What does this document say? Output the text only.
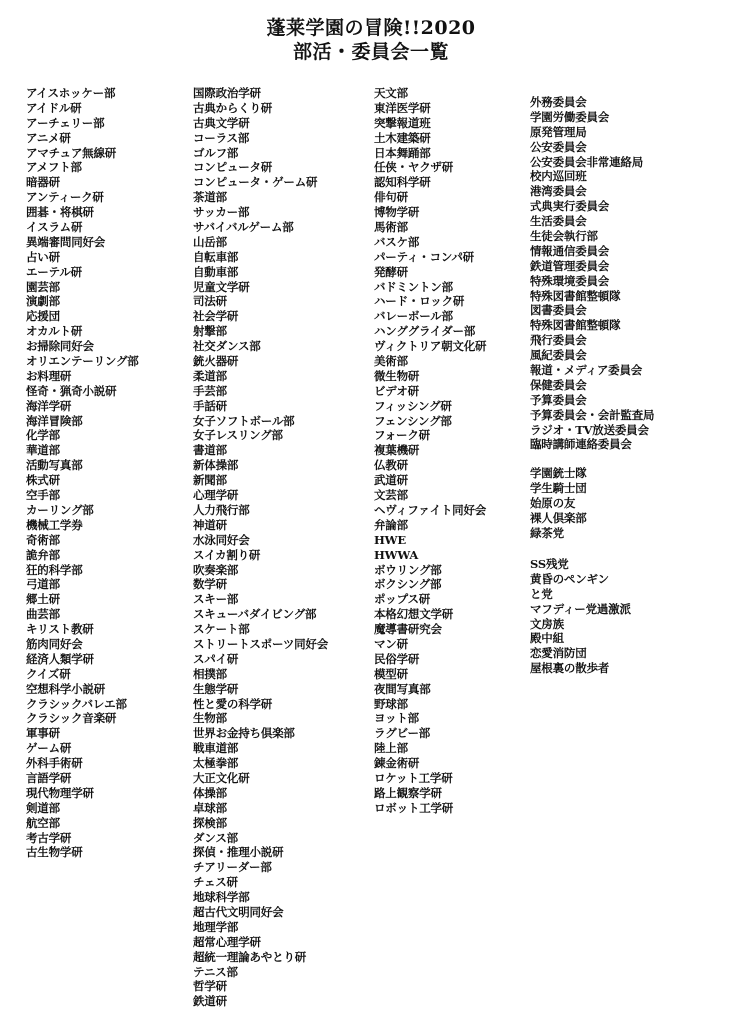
蓬莱学園の冒険!!2020
部活・委員会一覧
アイスホッケー部
アイドル研
アーチェリー部
アニメ研
アマチュア無線研
アメフト部
暗器研
アンティーク研
囲碁・将棋研
イスラム研
異端審問同好会
占い研
エーテル研
園芸部
演劇部
応援団
オカルト研
お掃除同好会
オリエンテーリング部
お料理研
怪奇・猟奇小説研
海洋学研
海洋冒険部
化学部
華道部
活動写真部
株式研
空手部
カーリング部
機械工学券
奇術部
詭弁部
狂的科学部
弓道部
郷土研
曲芸部
キリスト教研
筋肉同好会
経済人類学研
クイズ研
空想科学小説研
クラシックバレエ部
クラシック音楽研
軍事研
ゲーム研
外科手術研
言語学研
現代物理学研
剣道部
航空部
考古学研
古生物学研
国際政治学研
古典からくり研
古典文学研
コーラス部
ゴルフ部
コンピュータ研
コンピュータ・ゲーム研
茶道部
サッカー部
サバイバルゲーム部
山岳部
自転車部
自動車部
児童文学研
司法研
社会学研
射撃部
社交ダンス部
銃火器研
柔道部
手芸部
手話研
女子ソフトボール部
女子レスリング部
書道部
新体操部
新聞部
心理学研
人力飛行部
神道研
水泳同好会
スイカ割り研
吹奏楽部
数学研
スキー部
スキューバダイビング部
スケート部
ストリートスポーツ同好会
スパイ研
相撲部
生態学研
性と愛の科学研
生物部
世界お金持ち倶楽部
戦車道部
太極拳部
大正文化研
体操部
卓球部
探検部
ダンス部
探偵・推理小説研
チアリーダー部
チェス研
地球科学部
超古代文明同好会
地理学部
超常心理学研
超統一理論あやとり研
テニス部
哲学研
鉄道研
天文部
東洋医学研
突撃報道班
土木建築研
日本舞踊部
任侠・ヤクザ研
認知科学研
俳句研
博物学研
馬術部
バスケ部
パーティ・コンパ研
発酵研
バドミントン部
ハード・ロック研
バレーボール部
ハンググライダー部
ヴィクトリア朝文化研
美術部
微生物研
ビデオ研
フィッシング研
フェンシング部
フォーク研
複葉機研
仏教研
武道研
文芸部
ヘヴィファイト同好会
弁論部
HWE
HWWA
ボウリング部
ボクシング部
ポップス研
本格幻想文学研
魔導書研究会
マン研
民俗学研
模型研
夜間写真部
野球部
ヨット部
ラグビー部
陸上部
錬金術研
ロケット工学研
路上観察学研
ロボット工学研
外務委員会
学園労働委員会
原発管理局
公安委員会
公安委員会非常連絡局
校内巡回班
港湾委員会
式典実行委員会
生活委員会
生徒会執行部
情報通信委員会
鉄道管理委員会
特殊環境委員会
特殊図書館整頓隊
図書委員会
特殊図書館整頓隊
飛行委員会
風紀委員会
報道・メディア委員会
保健委員会
予算委員会
予算委員会・会計監査局
ラジオ・TV放送委員会
臨時講師連絡委員会
学園銃士隊
学生騎士団
始原の友
裸人倶楽部
緑茶党
SS残党
黄昏のペンギン
と党
マフディー党過激派
文房族
殿中組
恋愛消防団
屋根裏の散歩者
